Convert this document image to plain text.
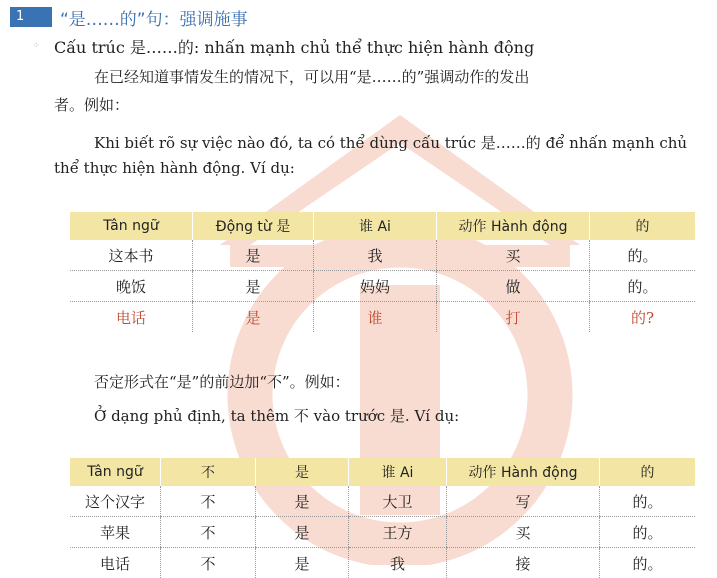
1	“是……的”句：强调施事
⁘ Cấu trúc 是……的: nhấn mạnh chủ thể thực hiện hành động
在已经知道事情发生的情况下，可以用“是……的”强调动作的发出
者。例如：
Khi biết rõ sự việc nào đó, ta có thể dùng cấu trúc 是……的 để nhấn mạnh chủ
thể thực hiện hành động. Ví dụ:
Tân ngữ	Động từ 是	谁 Ai	动作 Hành động	的
这本书	是	我	买	的。
晚饭	是	妈妈	做	的。
电话	是	谁	打	的?
否定形式在“是”的前边加“不”。例如：
Ở dạng phủ định, ta thêm 不 vào trước 是. Ví dụ:
Tân ngữ	不	是	谁 Ai	动作 Hành động	的
这个汉字	不	是	大卫	写	的。
苹果	不	是	王方	买	的。
电话	不	是	我	接	的。
